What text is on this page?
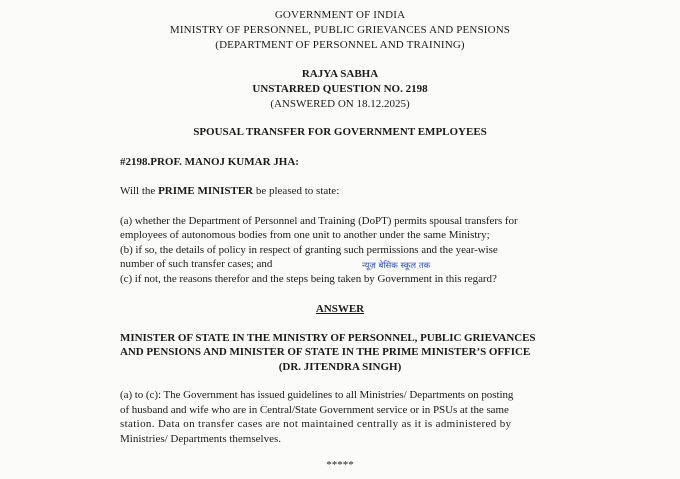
GOVERNMENT OF INDIA
MINISTRY OF PERSONNEL, PUBLIC GRIEVANCES AND PENSIONS
(DEPARTMENT OF PERSONNEL AND TRAINING)
RAJYA SABHA
UNSTARRED QUESTION NO. 2198
(ANSWERED ON 18.12.2025)
SPOUSAL TRANSFER FOR GOVERNMENT EMPLOYEES
#2198.PROF. MANOJ KUMAR JHA:
Will the PRIME MINISTER be pleased to state:
(a) whether the Department of Personnel and Training (DoPT) permits spousal transfers for
employees of autonomous bodies from one unit to another under the same Ministry;
(b) if so, the details of policy in respect of granting such permissions and the year-wise
number of such transfer cases; and	न्यूज़ बेसिक स्कूल तक
(c) if not, the reasons therefor and the steps being taken by Government in this regard?
ANSWER
MINISTER OF STATE IN THE MINISTRY OF PERSONNEL, PUBLIC GRIEVANCES
AND PENSIONS AND MINISTER OF STATE IN THE PRIME MINISTER’S OFFICE
(DR. JITENDRA SINGH)
(a) to (c): The Government has issued guidelines to all Ministries/ Departments on posting
of husband and wife who are in Central/State Government service or in PSUs at the same
station. Data on transfer cases are not maintained centrally as it is administered by
Ministries/ Departments themselves.
*****
